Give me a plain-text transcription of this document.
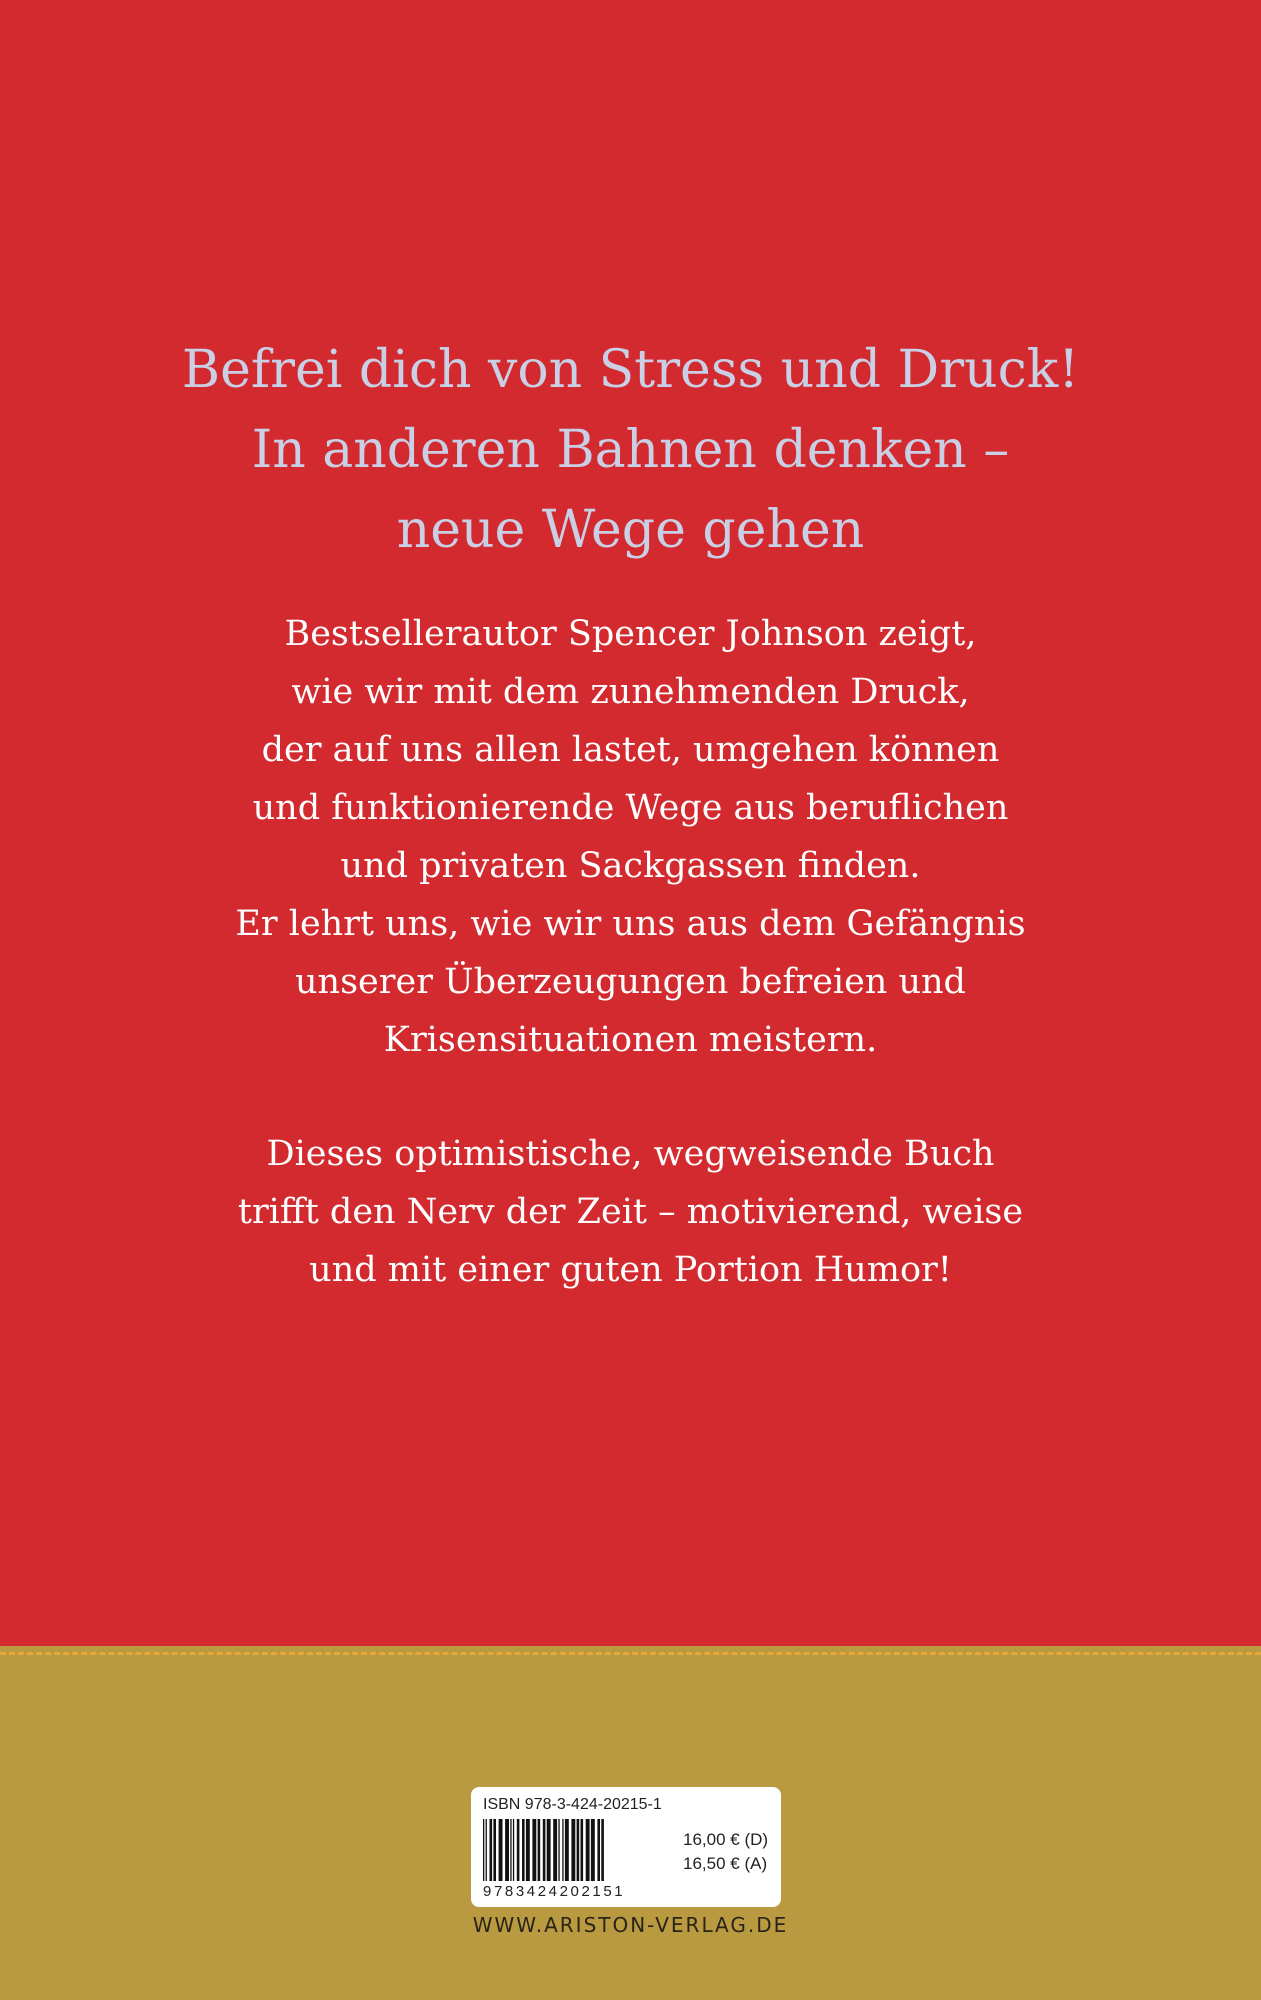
Befrei dich von Stress und Druck!
In anderen Bahnen denken –
neue Wege gehen
Bestsellerautor Spencer Johnson zeigt,
wie wir mit dem zunehmenden Druck,
der auf uns allen lastet, umgehen können
und funktionierende Wege aus beruflichen
und privaten Sackgassen finden.
Er lehrt uns, wie wir uns aus dem Gefängnis
unserer Überzeugungen befreien und
Krisensituationen meistern.
Dieses optimistische, wegweisende Buch
trifft den Nerv der Zeit – motivierend, weise
und mit einer guten Portion Humor!
ISBN 978-3-424-20215-1
9783424202151
16,00 € (D)
16,50 € (A)
WWW.ARISTON-VERLAG.DE
